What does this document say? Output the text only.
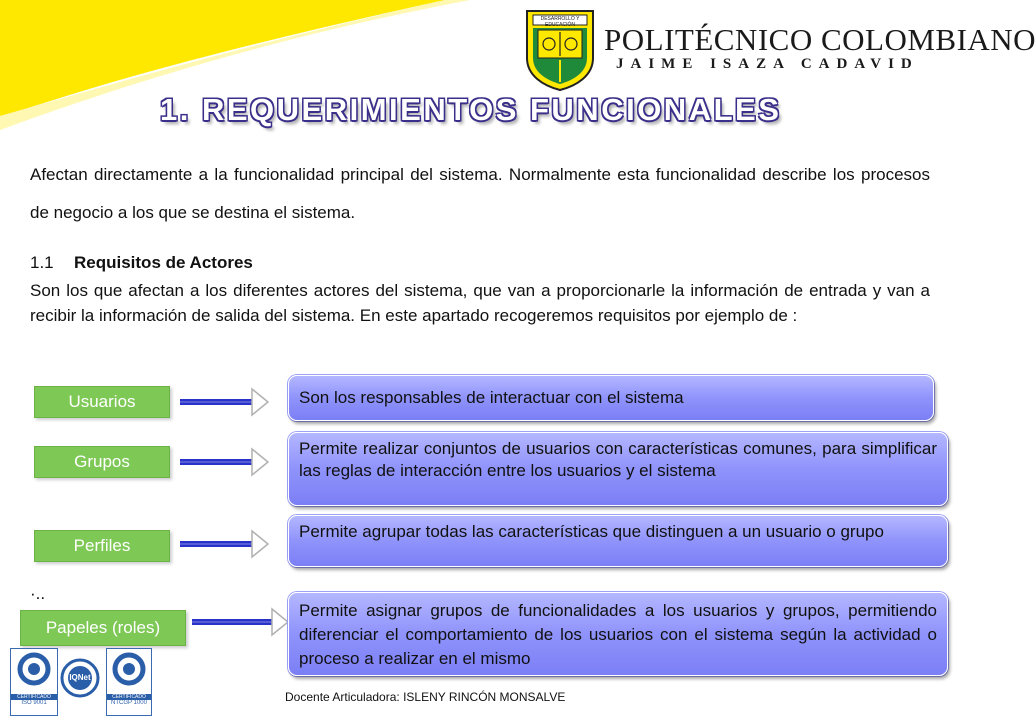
DESARROLLO Y EDUCACIÓN POLITÉCNICO COLOMBIANO
JAIME ISAZA CADAVID
1. REQUERIMIENTOS FUNCIONALES
Afectan directamente a la funcionalidad principal del sistema. Normalmente esta funcionalidad describe los procesos de negocio a los que se destina el sistema.
1.1 Requisitos de Actores
Son los que afectan a los diferentes actores del sistema, que van a proporcionarle la información de entrada y van a recibir la información de salida del sistema. En este apartado recogeremos requisitos por ejemplo de :
Usuarios	Son los responsables de interactuar con el sistema
Grupos
Permite realizar conjuntos de usuarios con características comunes, para simplificar las reglas de interacción entre los usuarios y el sistema
Perfiles
Permite agrupar todas las características que distinguen a un usuario o grupo
·..
Papeles (roles)
Permite asignar grupos de funcionalidades a los usuarios y grupos, permitiendo diferenciar el comportamiento de los usuarios con el sistema según la actividad o proceso a realizar en el mismo
CERTIFICADO
ISO 9001
IQNet
CERTIFICADO
NTCGP 1000	Docente Articuladora: ISLENY RINCÓN MONSALVE
